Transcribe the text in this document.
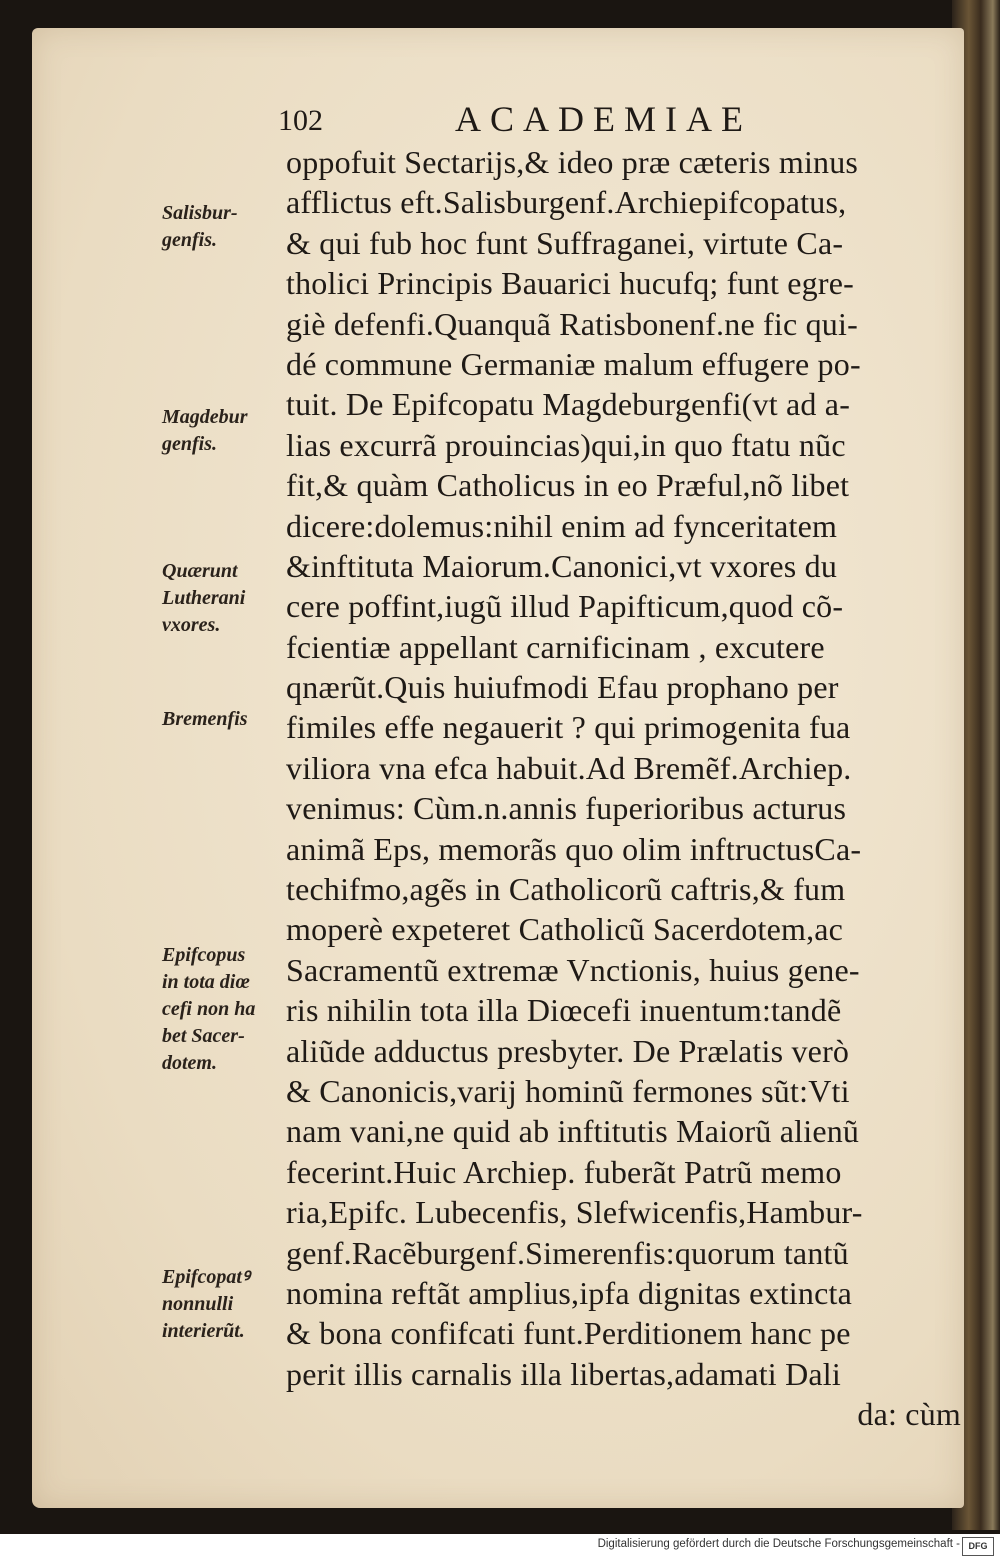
102	ACADEMIAE
oppofuit Sectarijs,& ideo præ cæteris minus
afflictus eft.Salisburgenf.Archiepifcopatus,
& qui fub hoc funt Suffraganei, virtute Ca-
tholici Principis Bauarici hucufq; funt egre-
giè defenfi.Quanquã Ratisbonenf.ne fic qui-
dé commune Germaniæ malum effugere po-
tuit. De Epifcopatu Magdeburgenfi(vt ad a-
lias excurrã prouincias)qui,in quo ftatu nũc
fit,& quàm Catholicus in eo Præful,nõ libet
dicere:dolemus:nihil enim ad fynceritatem
&inftituta Maiorum.Canonici,vt vxores du
cere poffint,iugũ illud Papifticum,quod cõ-
fcientiæ appellant carnificinam , excutere
qnærũt.Quis huiufmodi Efau prophano per
fimiles effe negauerit ? qui primogenita fua
viliora vna efca habuit.Ad Bremẽf.Archiep.
venimus: Cùm.n.annis fuperioribus acturus
animã Eps, memorãs quo olim inftructusCa-
techifmo,agẽs in Catholicorũ caftris,& fum
moperè expeteret Catholicũ Sacerdotem,ac
Sacramentũ extremæ Vnctionis, huius gene-
ris nihilin tota illa Diœcefi inuentum:tandẽ
aliũde adductus presbyter. De Prælatis verò
& Canonicis,varij hominũ fermones sũt:Vti
nam vani,ne quid ab inftitutis Maiorũ alienũ
fecerint.Huic Archiep. fuberãt Patrũ memo
ria,Epifc. Lubecenfis, Slefwicenfis,Hambur-
genf.Racẽburgenf.Simerenfis:quorum tantũ
nomina reftãt amplius,ipfa dignitas extincta
& bona confifcati funt.Perditionem hanc pe
perit illis carnalis illa libertas,adamati Dali
da: cùm
Salisbur-
genfis.
Magdebur
genfis.
Quærunt
Lutherani
vxores.
Bremenfis
Epifcopus
in tota diœ
cefi non ha
bet Sacer-
dotem.
Epifcopatꝰ
nonnulli
interierũt.
Digitalisierung gefördert durch die Deutsche Forschungsgemeinschaft - DFG
